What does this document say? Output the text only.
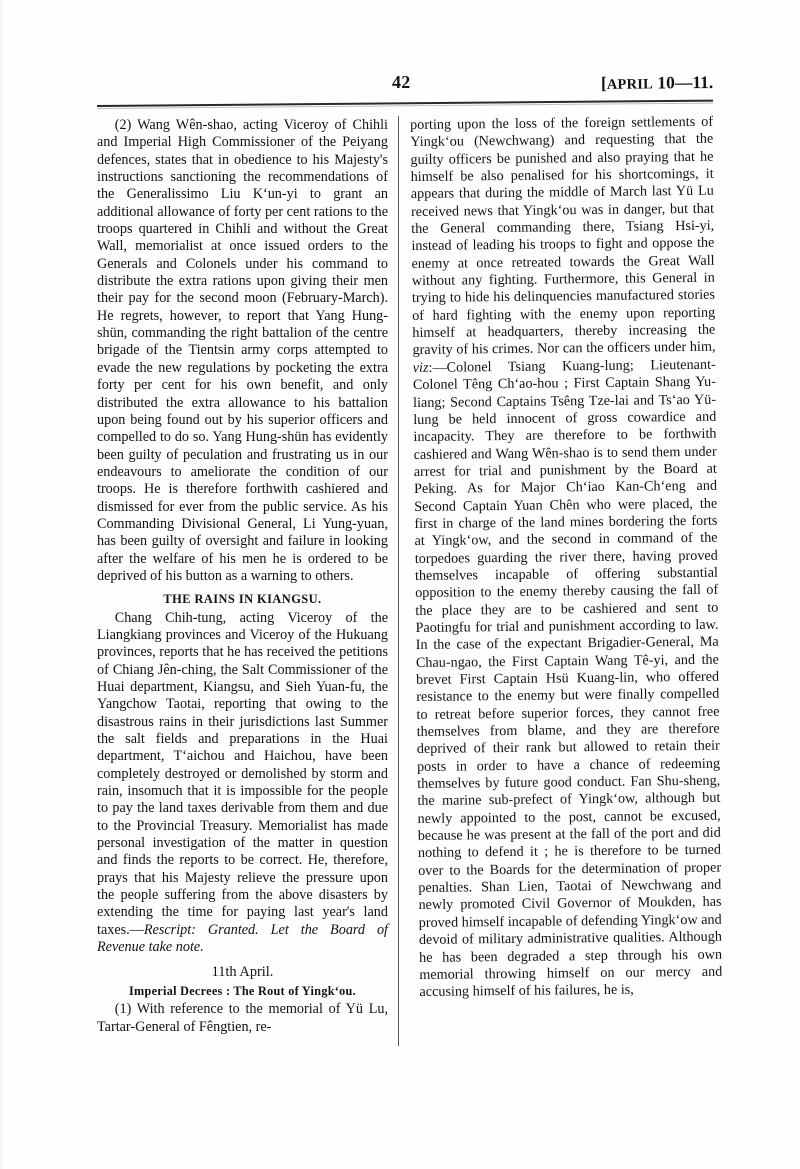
42	[APRIL 10—11.

(2) Wang Wên-shao, acting Viceroy of Chihli and Imperial High Commissioner of the Peiyang defences, states that in obedience to his Majesty's instructions sanctioning the recommendations of the Generalissimo Liu K‘un-yi to grant an additional allowance of forty per cent rations to the troops quartered in Chihli and without the Great Wall, memorialist at once issued orders to the Generals and Colonels under his command to distribute the extra rations upon giving their men their pay for the second moon (February-March). He regrets, however, to report that Yang Hung-shün, commanding the right battalion of the centre brigade of the Tientsin army corps attempted to evade the new regulations by pocketing the extra forty per cent for his own benefit, and only distributed the extra allowance to his battalion upon being found out by his superior officers and compelled to do so. Yang Hung-shün has evidently been guilty of peculation and frustrating us in our endeavours to ameliorate the condition of our troops. He is therefore forthwith cashiered and dismissed for ever from the public service. As his Commanding Divisional General, Li Yung-yuan, has been guilty of oversight and failure in looking after the welfare of his men he is ordered to be deprived of his button as a warning to others.

THE RAINS IN KIANGSU.

Chang Chih-tung, acting Viceroy of the Liangkiang provinces and Viceroy of the Hukuang provinces, reports that he has received the petitions of Chiang Jên-ching, the Salt Commissioner of the Huai department, Kiangsu, and Sieh Yuan-fu, the Yangchow Taotai, reporting that owing to the disastrous rains in their jurisdictions last Summer the salt fields and preparations in the Huai department, T‘aichou and Haichou, have been completely destroyed or demolished by storm and rain, insomuch that it is impossible for the people to pay the land taxes derivable from them and due to the Provincial Treasury. Memorialist has made personal investigation of the matter in question and finds the reports to be correct. He, therefore, prays that his Majesty relieve the pressure upon the people suffering from the above disasters by extending the time for paying last year's land taxes.—Rescript: Granted. Let the Board of Revenue take note.

11th April.

Imperial Decrees : The Rout of Yingk‘ou.

(1) With reference to the memorial of Yü Lu, Tartar-General of Fêngtien, re-

porting upon the loss of the foreign settlements of Yingk‘ou (Newchwang) and requesting that the guilty officers be punished and also praying that he himself be also penalised for his shortcomings, it appears that during the middle of March last Yü Lu received news that Yingk‘ou was in danger, but that the General commanding there, Tsiang Hsi-yi, instead of leading his troops to fight and oppose the enemy at once retreated towards the Great Wall without any fighting. Furthermore, this General in trying to hide his delinquencies manufactured stories of hard fighting with the enemy upon reporting himself at headquarters, thereby increasing the gravity of his crimes. Nor can the officers under him, viz:—Colonel Tsiang Kuang-lung; Lieutenant-Colonel Têng Ch‘ao-hou ; First Captain Shang Yu-liang; Second Captains Tsêng Tze-lai and Ts‘ao Yü-lung be held innocent of gross cowardice and incapacity. They are therefore to be forthwith cashiered and Wang Wên-shao is to send them under arrest for trial and punishment by the Board at Peking. As for Major Ch‘iao Kan-Ch‘eng and Second Captain Yuan Chên who were placed, the first in charge of the land mines bordering the forts at Yingk‘ow, and the second in command of the torpedoes guarding the river there, having proved themselves incapable of offering substantial opposition to the enemy thereby causing the fall of the place they are to be cashiered and sent to Paotingfu for trial and punishment according to law. In the case of the expectant Brigadier-General, Ma Chau-ngao, the First Captain Wang Tê-yi, and the brevet First Captain Hsü Kuang-lin, who offered resistance to the enemy but were finally compelled to retreat before superior forces, they cannot free themselves from blame, and they are therefore deprived of their rank but allowed to retain their posts in order to have a chance of redeeming themselves by future good conduct. Fan Shu-sheng, the marine sub-prefect of Yingk‘ow, although but newly appointed to the post, cannot be excused, because he was present at the fall of the port and did nothing to defend it ; he is therefore to be turned over to the Boards for the determination of proper penalties. Shan Lien, Taotai of Newchwang and newly promoted Civil Governor of Moukden, has proved himself incapable of defending Yingk‘ow and devoid of military administrative qualities. Although he has been degraded a step through his own memorial throwing himself on our mercy and accusing himself of his failures, he is,
